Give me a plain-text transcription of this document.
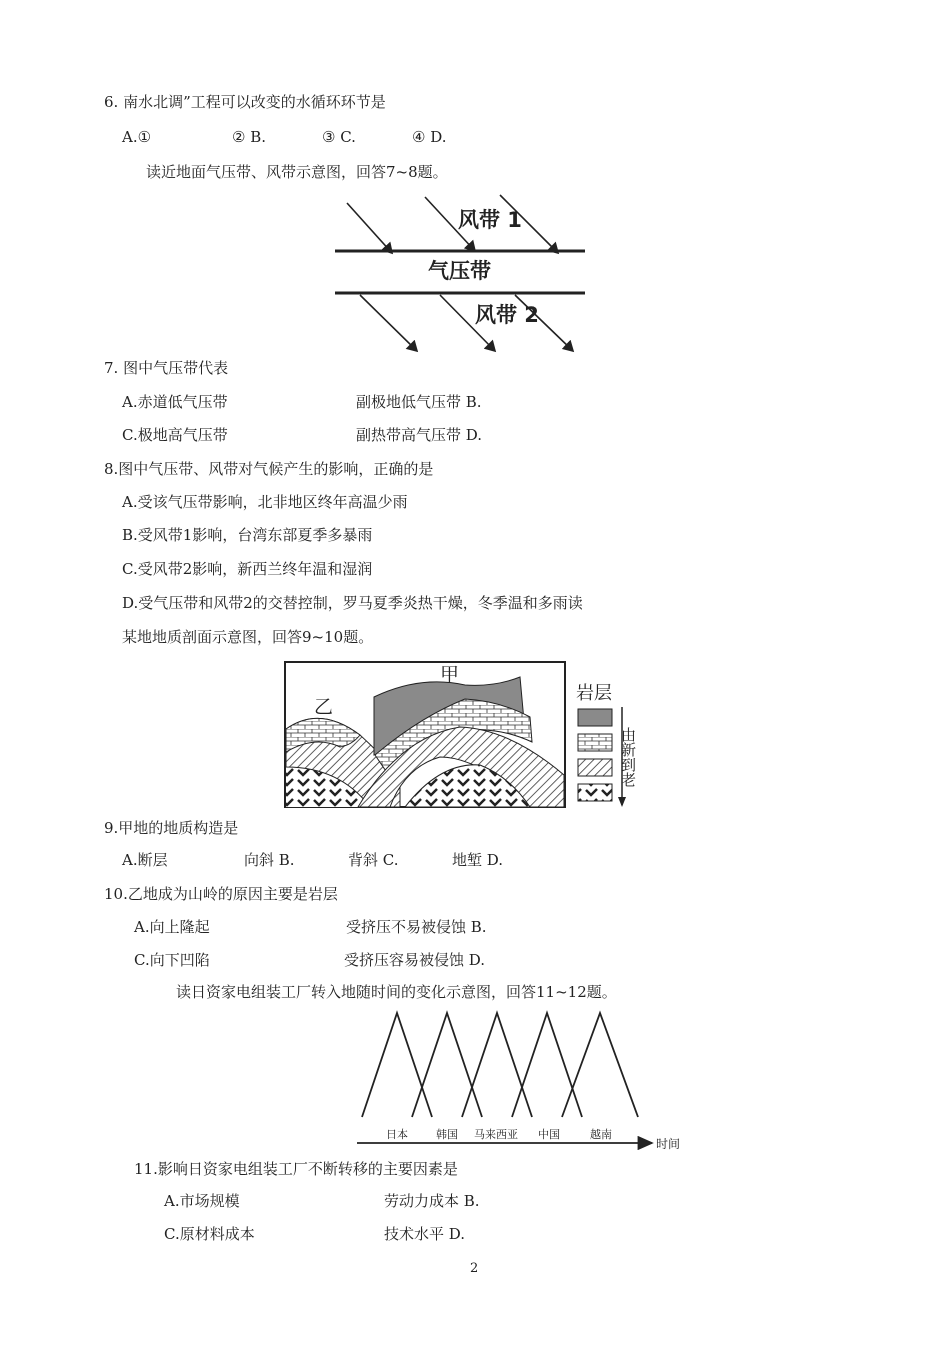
6. 南水北调”工程可以改变的水循环环节是
A.①	② B.	③ C.	④ D.
读近地面气压带、风带示意图，回答7~8题。
风带 1
气压带
风带 2
7. 图中气压带代表
A.赤道低气压带	副极地低气压带 B.
C.极地高气压带	副热带高气压带 D.
8.图中气压带、风带对气候产生的影响，正确的是
A.受该气压带影响，北非地区终年高温少雨
B.受风带1影响，台湾东部夏季多暴雨
C.受风带2影响，新西兰终年温和湿润
D.受气压带和风带2的交替控制，罗马夏季炎热干燥，冬季温和多雨读
某地地质剖面示意图，回答9~10题。
甲
乙
岩层
由新到老
9.甲地的地质构造是
A.断层	向斜 B.	背斜 C.	地堑 D.
10.乙地成为山岭的原因主要是岩层
A.向上隆起	受挤压不易被侵蚀 B.
C.向下凹陷	受挤压容易被侵蚀 D.
读日资家电组装工厂转入地随时间的变化示意图，回答11~12题。
日本	韩国 马来西亚 中国	越南
时间
11.影响日资家电组装工厂不断转移的主要因素是
A.市场规模	劳动力成本 B.
C.原材料成本	技术水平 D.
2
